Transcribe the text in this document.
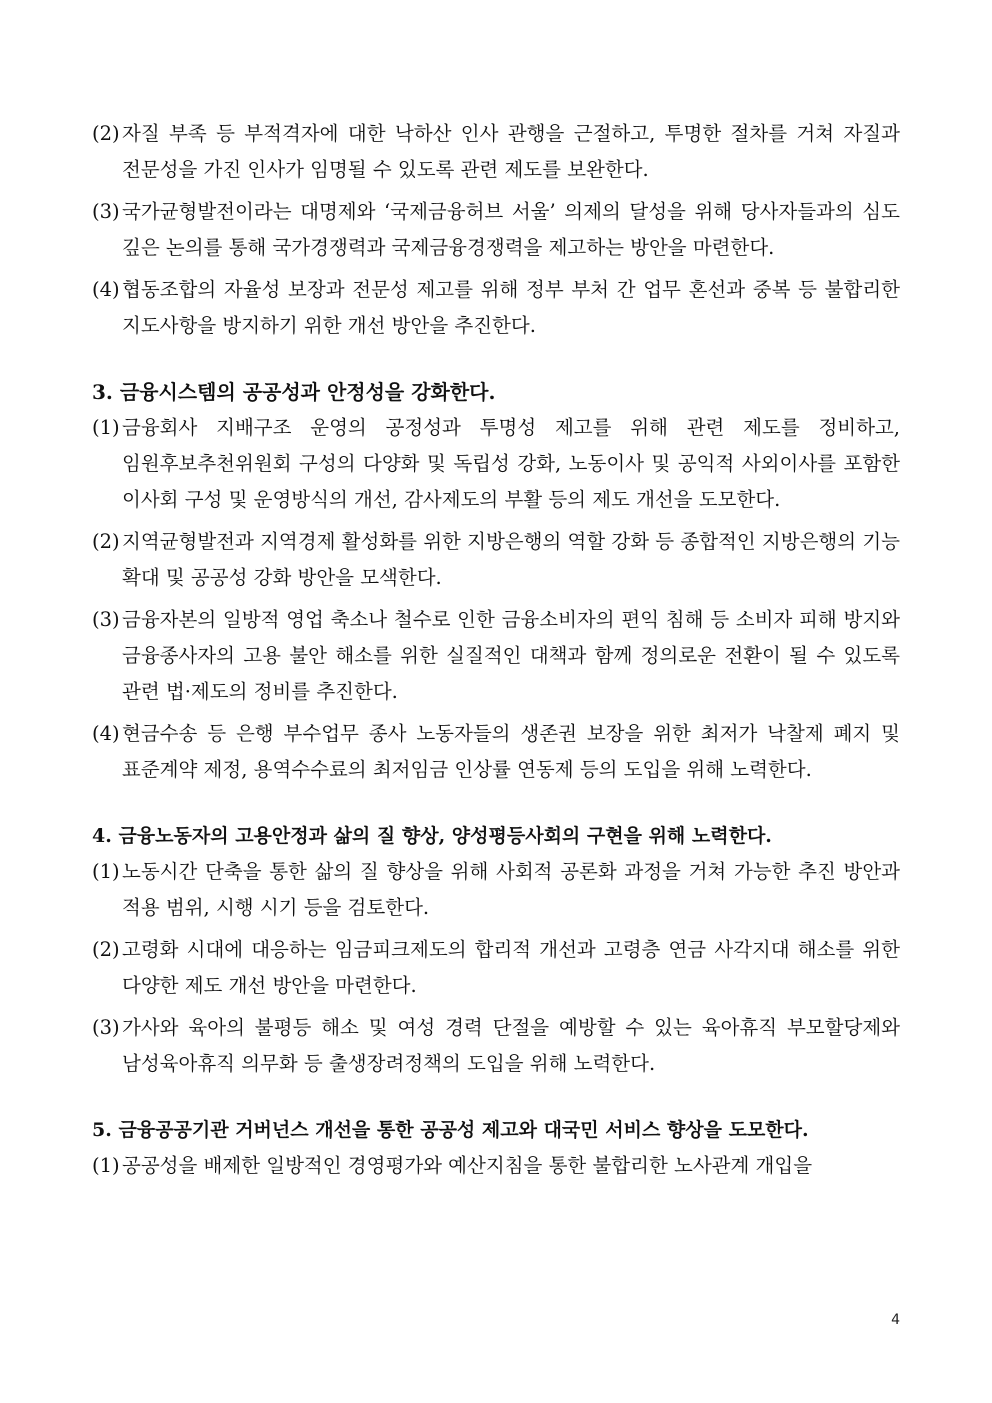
(2) 자질 부족 등 부적격자에 대한 낙하산 인사 관행을 근절하고, 투명한 절차를 거쳐 자질과 전문성을 가진 인사가 임명될 수 있도록 관련 제도를 보완한다.
(3) 국가균형발전이라는 대명제와 ‘국제금융허브 서울’ 의제의 달성을 위해 당사자들과의 심도 깊은 논의를 통해 국가경쟁력과 국제금융경쟁력을 제고하는 방안을 마련한다.
(4) 협동조합의 자율성 보장과 전문성 제고를 위해 정부 부처 간 업무 혼선과 중복 등 불합리한 지도사항을 방지하기 위한 개선 방안을 추진한다.
3. 금융시스템의 공공성과 안정성을 강화한다.
(1) 금융회사 지배구조 운영의 공정성과 투명성 제고를 위해 관련 제도를 정비하고, 임원후보추천위원회 구성의 다양화 및 독립성 강화, 노동이사 및 공익적 사외이사를 포함한 이사회 구성 및 운영방식의 개선, 감사제도의 부활 등의 제도 개선을 도모한다.
(2) 지역균형발전과 지역경제 활성화를 위한 지방은행의 역할 강화 등 종합적인 지방은행의 기능 확대 및 공공성 강화 방안을 모색한다.
(3) 금융자본의 일방적 영업 축소나 철수로 인한 금융소비자의 편익 침해 등 소비자 피해 방지와 금융종사자의 고용 불안 해소를 위한 실질적인 대책과 함께 정의로운 전환이 될 수 있도록 관련 법·제도의 정비를 추진한다.
(4) 현금수송 등 은행 부수업무 종사 노동자들의 생존권 보장을 위한 최저가 낙찰제 폐지 및 표준계약 제정, 용역수수료의 최저임금 인상률 연동제 등의 도입을 위해 노력한다.
4. 금융노동자의 고용안정과 삶의 질 향상, 양성평등사회의 구현을 위해 노력한다.
(1) 노동시간 단축을 통한 삶의 질 향상을 위해 사회적 공론화 과정을 거쳐 가능한 추진 방안과 적용 범위, 시행 시기 등을 검토한다.
(2) 고령화 시대에 대응하는 임금피크제도의 합리적 개선과 고령층 연금 사각지대 해소를 위한 다양한 제도 개선 방안을 마련한다.
(3) 가사와 육아의 불평등 해소 및 여성 경력 단절을 예방할 수 있는 육아휴직 부모할당제와 남성육아휴직 의무화 등 출생장려정책의 도입을 위해 노력한다.
5. 금융공공기관 거버넌스 개선을 통한 공공성 제고와 대국민 서비스 향상을 도모한다.
(1) 공공성을 배제한 일방적인 경영평가와 예산지침을 통한 불합리한 노사관계 개입을
4
